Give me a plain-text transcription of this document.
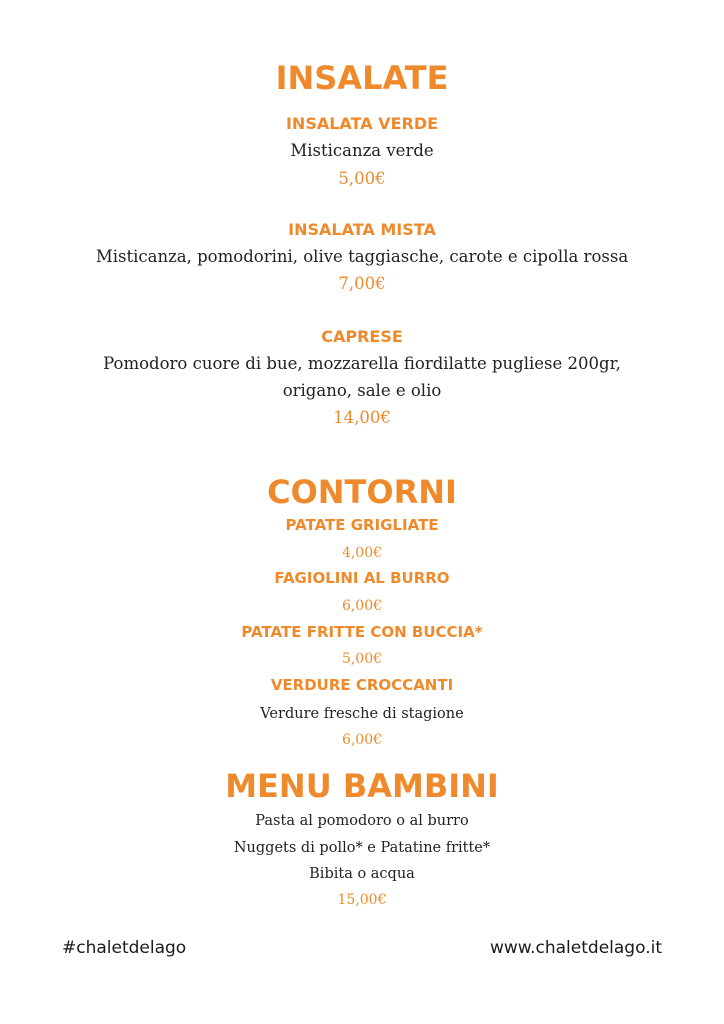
INSALATE
INSALATA VERDE
Misticanza verde
5,00€
INSALATA MISTA
Misticanza, pomodorini, olive taggiasche, carote e cipolla rossa
7,00€
CAPRESE
Pomodoro cuore di bue, mozzarella fiordilatte pugliese 200gr,
origano, sale e olio
14,00€
CONTORNI
PATATE GRIGLIATE
4,00€
FAGIOLINI AL BURRO
6,00€
PATATE FRITTE CON BUCCIA*
5,00€
VERDURE CROCCANTI
Verdure fresche di stagione
6,00€
MENU BAMBINI
Pasta al pomodoro o al burro
Nuggets di pollo* e Patatine fritte*
Bibita o acqua
15,00€
#chaletdelago	www.chaletdelago.it
